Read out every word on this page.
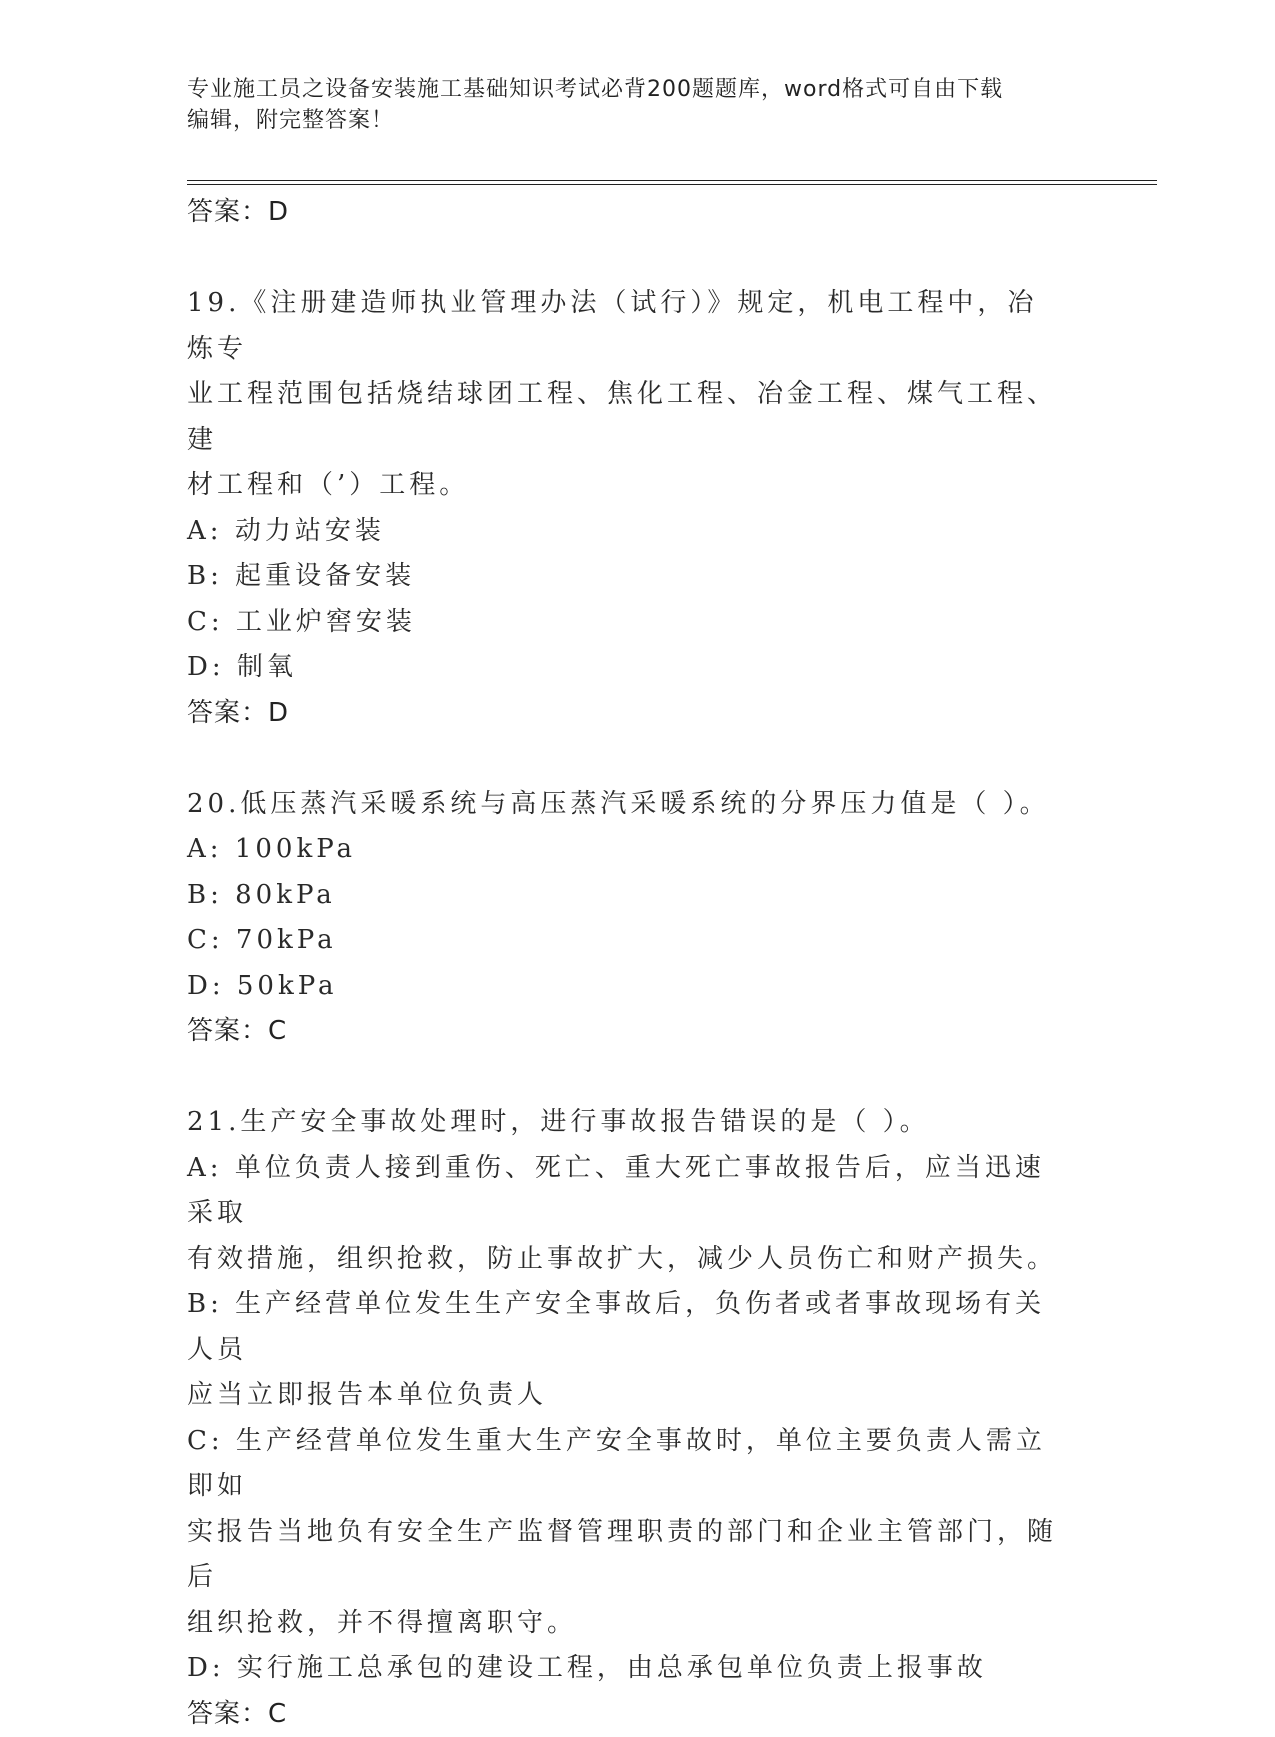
专业施工员之设备安装施工基础知识考试必背200题题库，word格式可自由下载
编辑，附完整答案！
答案：D
19.《注册建造师执业管理办法（试行）》规定，机电工程中，冶炼专
业工程范围包括烧结球团工程、焦化工程、冶金工程、煤气工程、建
材工程和（’）工程。
A: 动力站安装
B: 起重设备安装
C: 工业炉窖安装
D: 制氧
答案：D
20.低压蒸汽采暖系统与高压蒸汽采暖系统的分界压力值是（ ）。
A: 100kPa
B: 80kPa
C: 70kPa
D: 50kPa
答案：C
21.生产安全事故处理时，进行事故报告错误的是（ ）。
A: 单位负责人接到重伤、死亡、重大死亡事故报告后，应当迅速采取
有效措施，组织抢救，防止事故扩大，减少人员伤亡和财产损失。
B: 生产经营单位发生生产安全事故后，负伤者或者事故现场有关人员
应当立即报告本单位负责人
C: 生产经营单位发生重大生产安全事故时，单位主要负责人需立即如
实报告当地负有安全生产监督管理职责的部门和企业主管部门，随后
组织抢救，并不得擅离职守。
D: 实行施工总承包的建设工程，由总承包单位负责上报事故
答案：C
